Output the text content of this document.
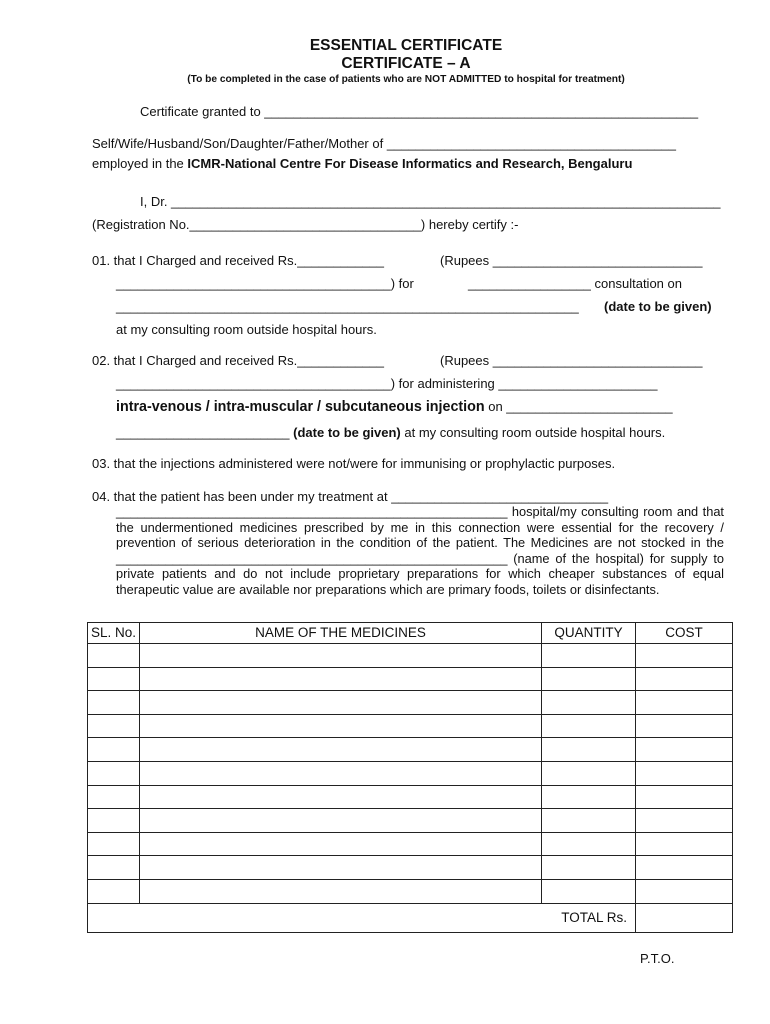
ESSENTIAL CERTIFICATE
CERTIFICATE – A
(To be completed in the case of patients who are NOT ADMITTED to hospital for treatment)
Certificate granted to ____________________________________________________________
Self/Wife/Husband/Son/Daughter/Father/Mother of ________________________________________
employed in the ICMR-National Centre For Disease Informatics and Research, Bengaluru
I, Dr. ____________________________________________________________________________
(Registration No.________________________________) hereby certify :-
01. that I Charged and received Rs.____________	(Rupees _____________________________
______________________________________) for	_________________ consultation on
________________________________________________________________ (date to be given)
at my consulting room outside hospital hours.
02. that I Charged and received Rs.____________	(Rupees _____________________________
______________________________________) for administering ______________________
intra-venous / intra-muscular / subcutaneous injection on _______________________
________________________ (date to be given) at my consulting room outside hospital hours.
03. that the injections administered were not/were for immunising or prophylactic purposes.
04. that the patient has been under my treatment at ______________________________
_______________________________________________________ hospital/my consulting room and that the undermentioned medicines prescribed by me in this connection were essential for the recovery / prevention of serious deterioration in the condition of the patient. The Medicines are not stocked in the _______________________________________________________ (name of the hospital) for supply to private patients and do not include proprietary preparations for which cheaper substances of equal therapeutic value are available nor preparations which are primary foods, toilets or disinfectants.
SL. No.	NAME OF THE MEDICINES	QUANTITY	COST

TOTAL Rs.			
P.T.O.
